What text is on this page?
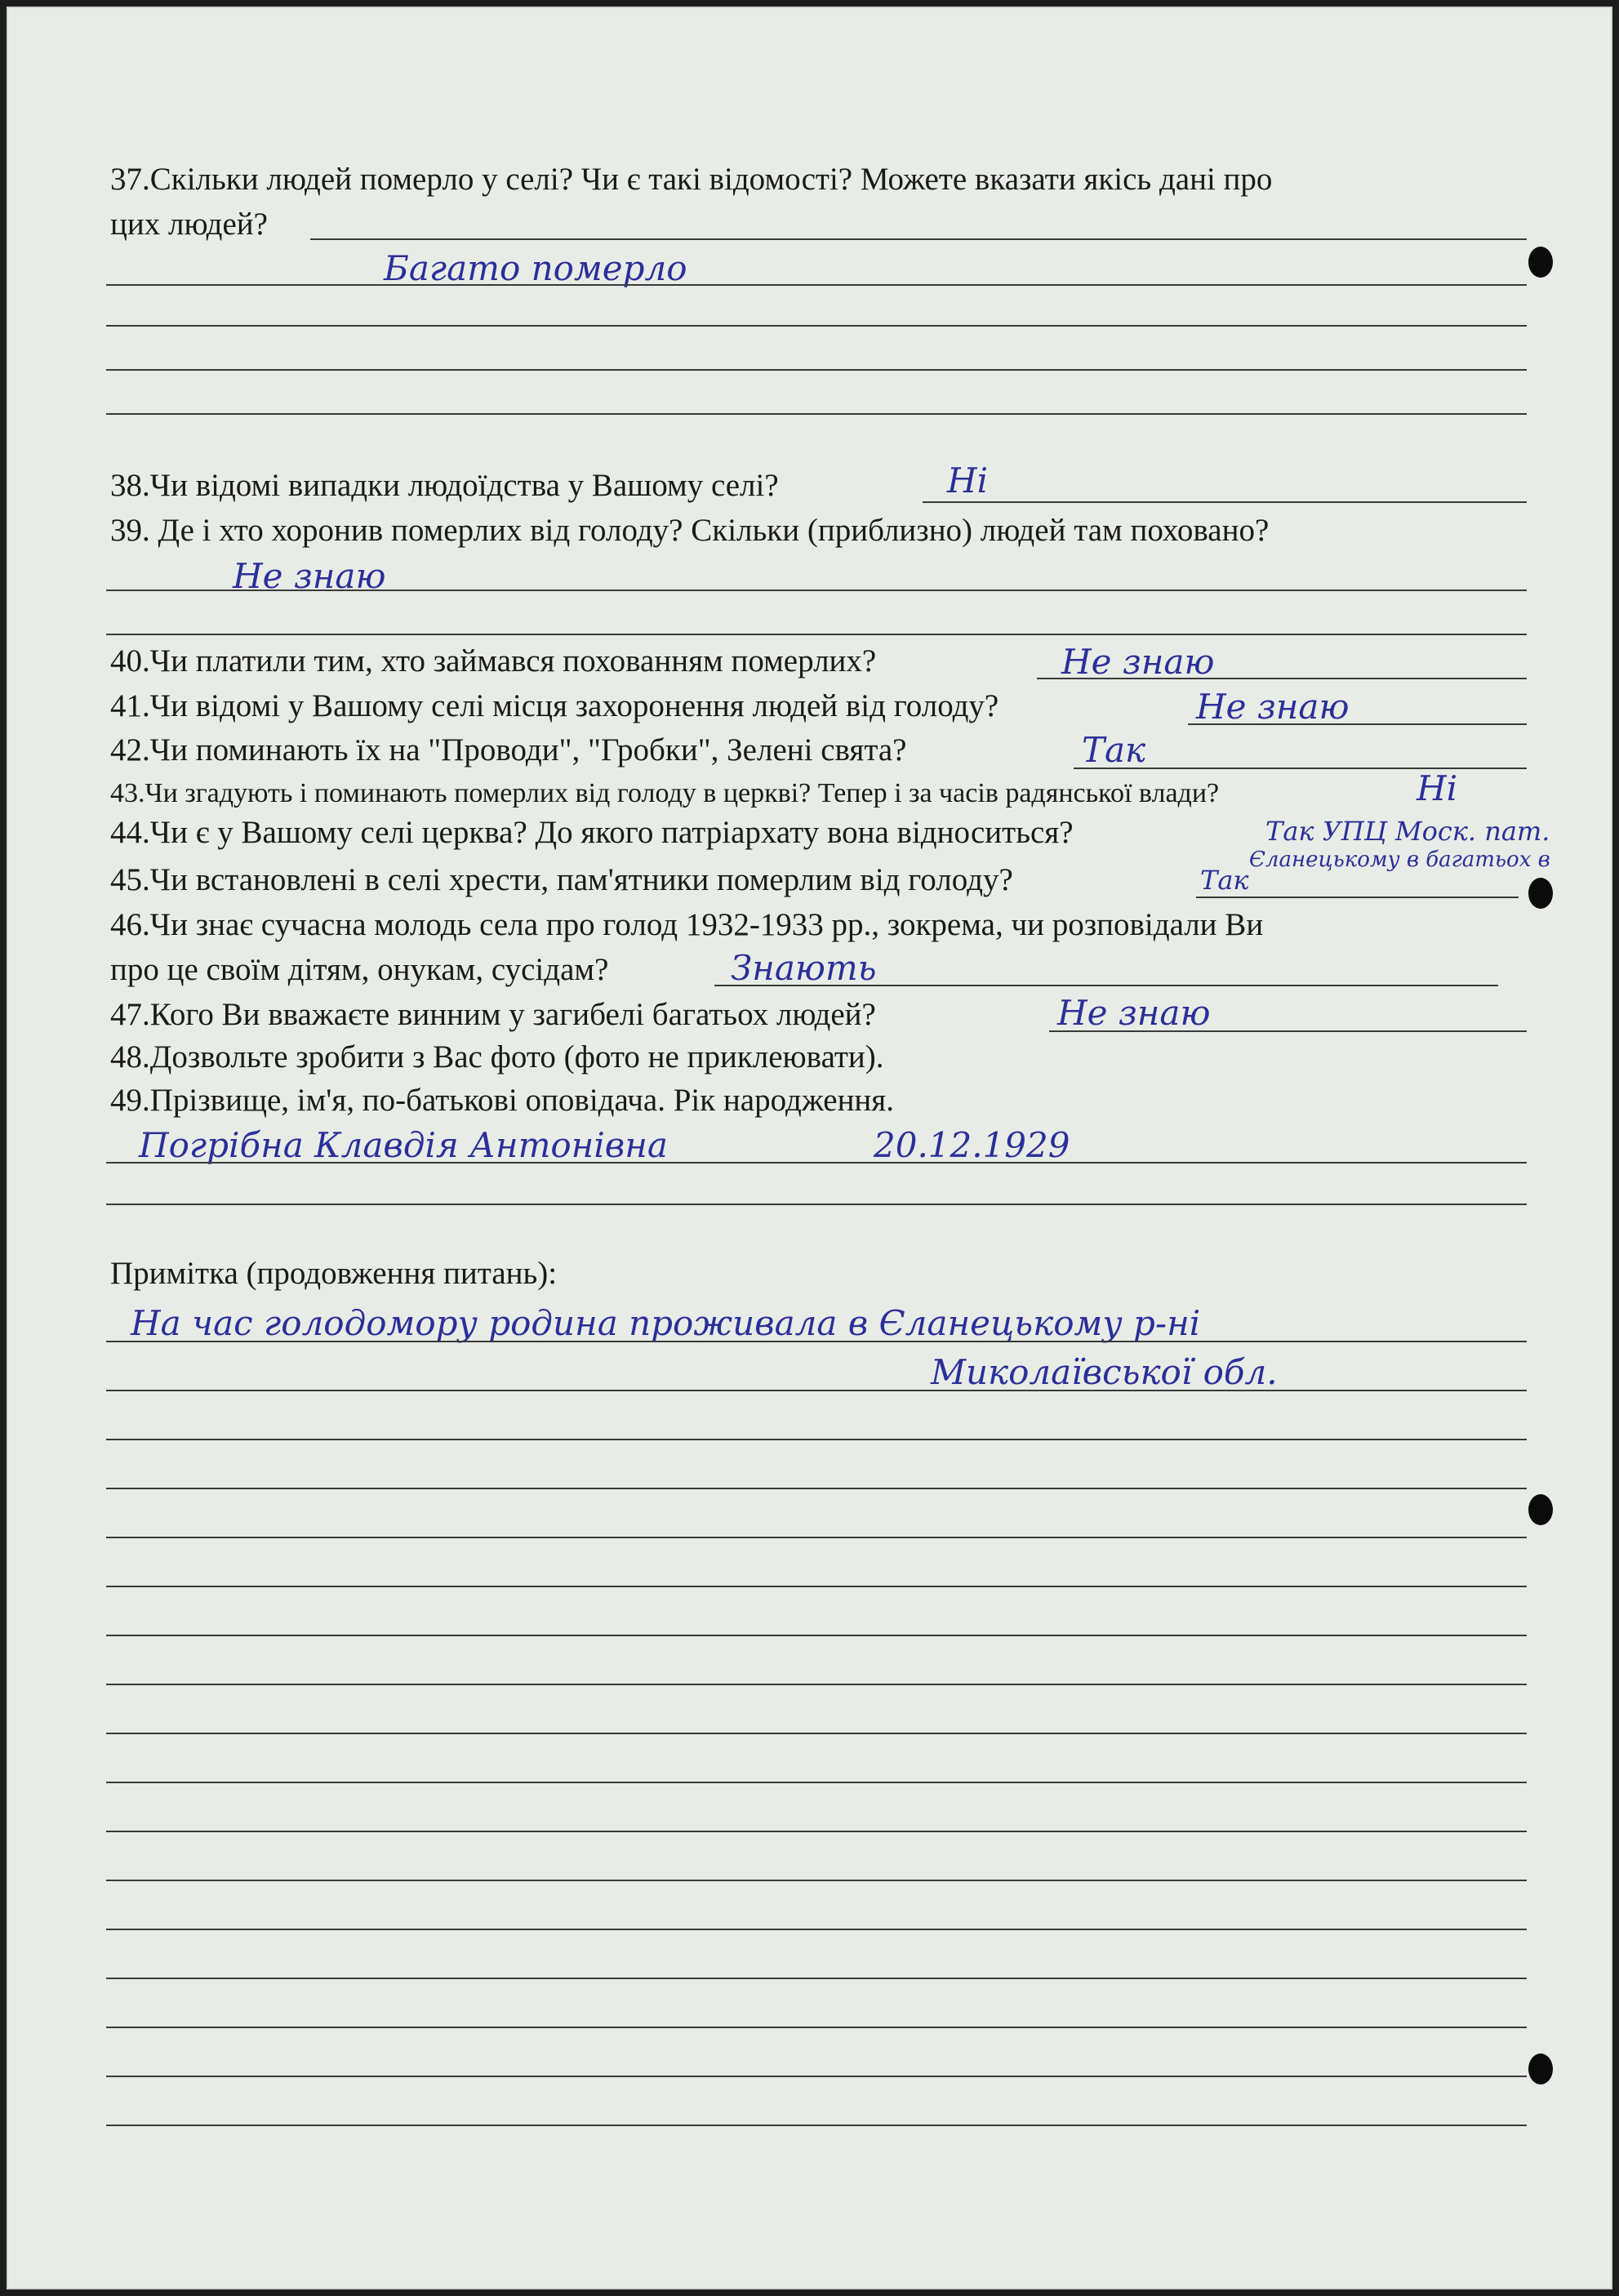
37.Скільки людей померло у селі? Чи є такі відомості? Можете вказати якісь дані про
цих людей?
Багато померло
38.Чи відомі випадки людоїдства у Вашому селі?	Ні
39. Де і хто хоронив померлих від голоду? Скільки (приблизно) людей там поховано?
Не знаю
40.Чи платили тим, хто займався похованням померлих?	Не знаю
41.Чи відомі у Вашому селі місця захоронення людей від голоду?	Не знаю
42.Чи поминають їх на "Проводи", "Гробки", Зелені свята?	Так
43.Чи згадують і поминають померлих від голоду в церкві? Тепер і за часів радянської влади?	Ні
44.Чи є у Вашому селі церква? До якого патріархату вона відноситься?	Так УПЦ Моск. пат.
45.Чи встановлені в селі хрести, пам'ятники померлим від голоду?	Так
Єланецькому в багатьох в
46.Чи знає сучасна молодь села про голод 1932-1933 рр., зокрема, чи розповідали Ви
про це своїм дітям, онукам, сусідам?	Знають
47.Кого Ви вважаєте винним у загибелі багатьох людей?	Не знаю
48.Дозвольте зробити з Вас фото (фото не приклеювати).
49.Прізвище, ім'я, по-батькові оповідача. Рік народження.
Погрібна Клавдія Антонівна	20.12.1929
Примітка (продовження питань):
На час голодомору родина проживала в Єланецькому р-ні
Миколаївської обл.
